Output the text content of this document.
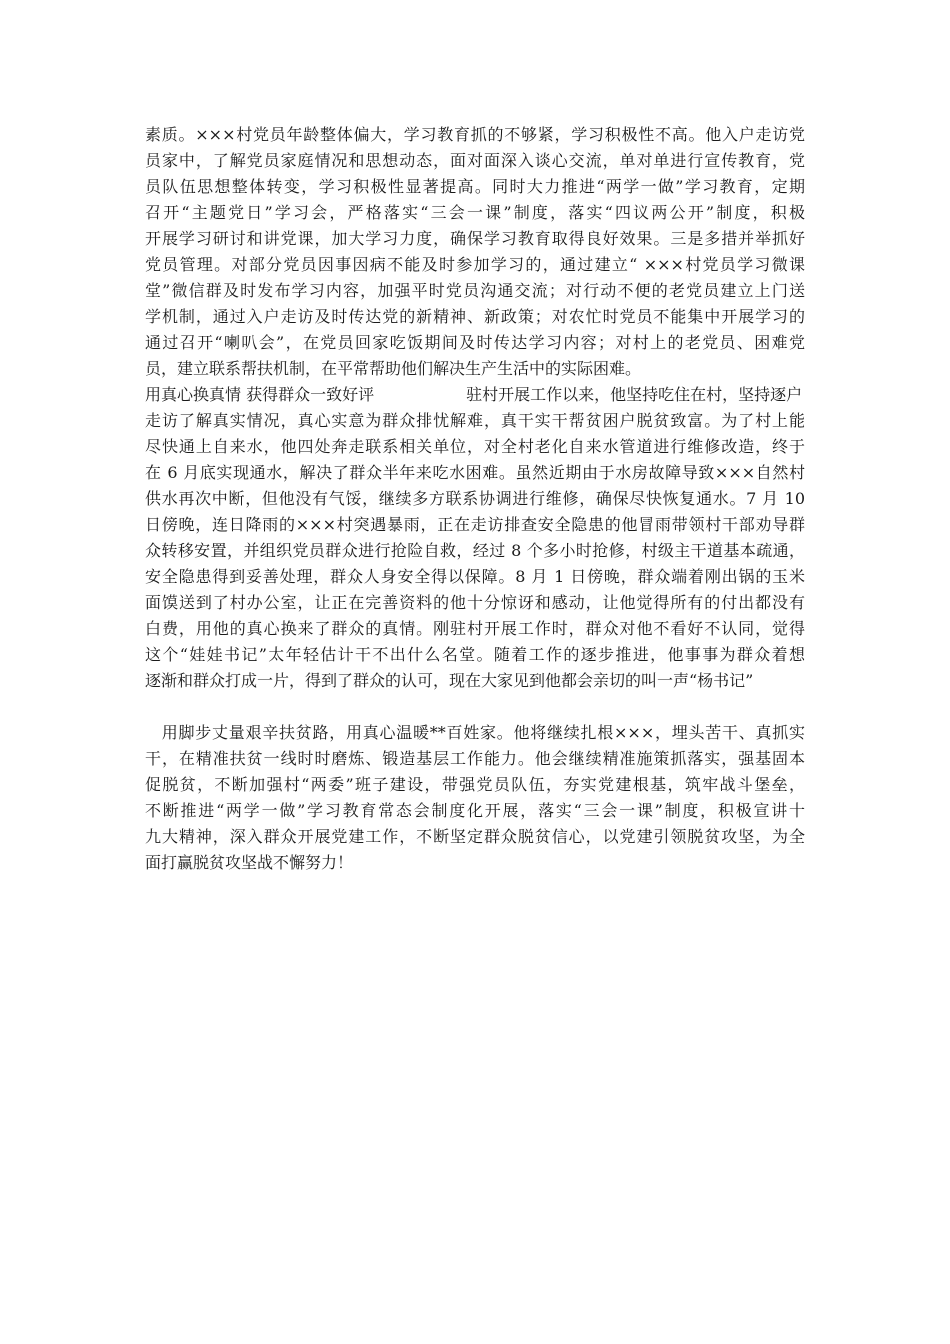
素质。×××村党员年龄整体偏大，学习教育抓的不够紧，学习积极性不高。他入户走访党
员家中，了解党员家庭情况和思想动态，面对面深入谈心交流，单对单进行宣传教育，党
员队伍思想整体转变，学习积极性显著提高。同时大力推进“两学一做”学习教育，定期
召开“主题党日”学习会，严格落实“三会一课”制度，落实“四议两公开”制度，积极
开展学习研讨和讲党课，加大学习力度，确保学习教育取得良好效果。三是多措并举抓好
党员管理。对部分党员因事因病不能及时参加学习的，通过建立“ ×××村党员学习微课
堂”微信群及时发布学习内容，加强平时党员沟通交流；对行动不便的老党员建立上门送
学机制，通过入户走访及时传达党的新精神、新政策；对农忙时党员不能集中开展学习的
通过召开“喇叭会”，在党员回家吃饭期间及时传达学习内容；对村上的老党员、困难党
员，建立联系帮扶机制，在平常帮助他们解决生产生活中的实际困难。
用真心换真情 获得群众一致好评	驻村开展工作以来，他坚持吃住在村，坚持逐户
走访了解真实情况，真心实意为群众排忧解难，真干实干帮贫困户脱贫致富。为了村上能
尽快通上自来水，他四处奔走联系相关单位，对全村老化自来水管道进行维修改造，终于
在 6 月底实现通水，解决了群众半年来吃水困难。虽然近期由于水房故障导致×××自然村
供水再次中断，但他没有气馁，继续多方联系协调进行维修，确保尽快恢复通水。7 月 10
日傍晚，连日降雨的×××村突遇暴雨，正在走访排查安全隐患的他冒雨带领村干部劝导群
众转移安置，并组织党员群众进行抢险自救，经过 8 个多小时抢修，村级主干道基本疏通，
安全隐患得到妥善处理，群众人身安全得以保障。8 月 1 日傍晚，群众端着刚出锅的玉米
面馍送到了村办公室，让正在完善资料的他十分惊讶和感动，让他觉得所有的付出都没有
白费，用他的真心换来了群众的真情。刚驻村开展工作时，群众对他不看好不认同，觉得
这个“娃娃书记”太年轻估计干不出什么名堂。随着工作的逐步推进，他事事为群众着想
逐渐和群众打成一片，得到了群众的认可，现在大家见到他都会亲切的叫一声“杨书记”
　用脚步丈量艰辛扶贫路，用真心温暖**百姓家。他将继续扎根×××，埋头苦干、真抓实
干，在精准扶贫一线时时磨炼、锻造基层工作能力。他会继续精准施策抓落实，强基固本
促脱贫，不断加强村“两委”班子建设，带强党员队伍，夯实党建根基，筑牢战斗堡垒，
不断推进“两学一做”学习教育常态会制度化开展，落实“三会一课”制度，积极宣讲十
九大精神，深入群众开展党建工作，不断坚定群众脱贫信心，以党建引领脱贫攻坚，为全
面打赢脱贫攻坚战不懈努力！
